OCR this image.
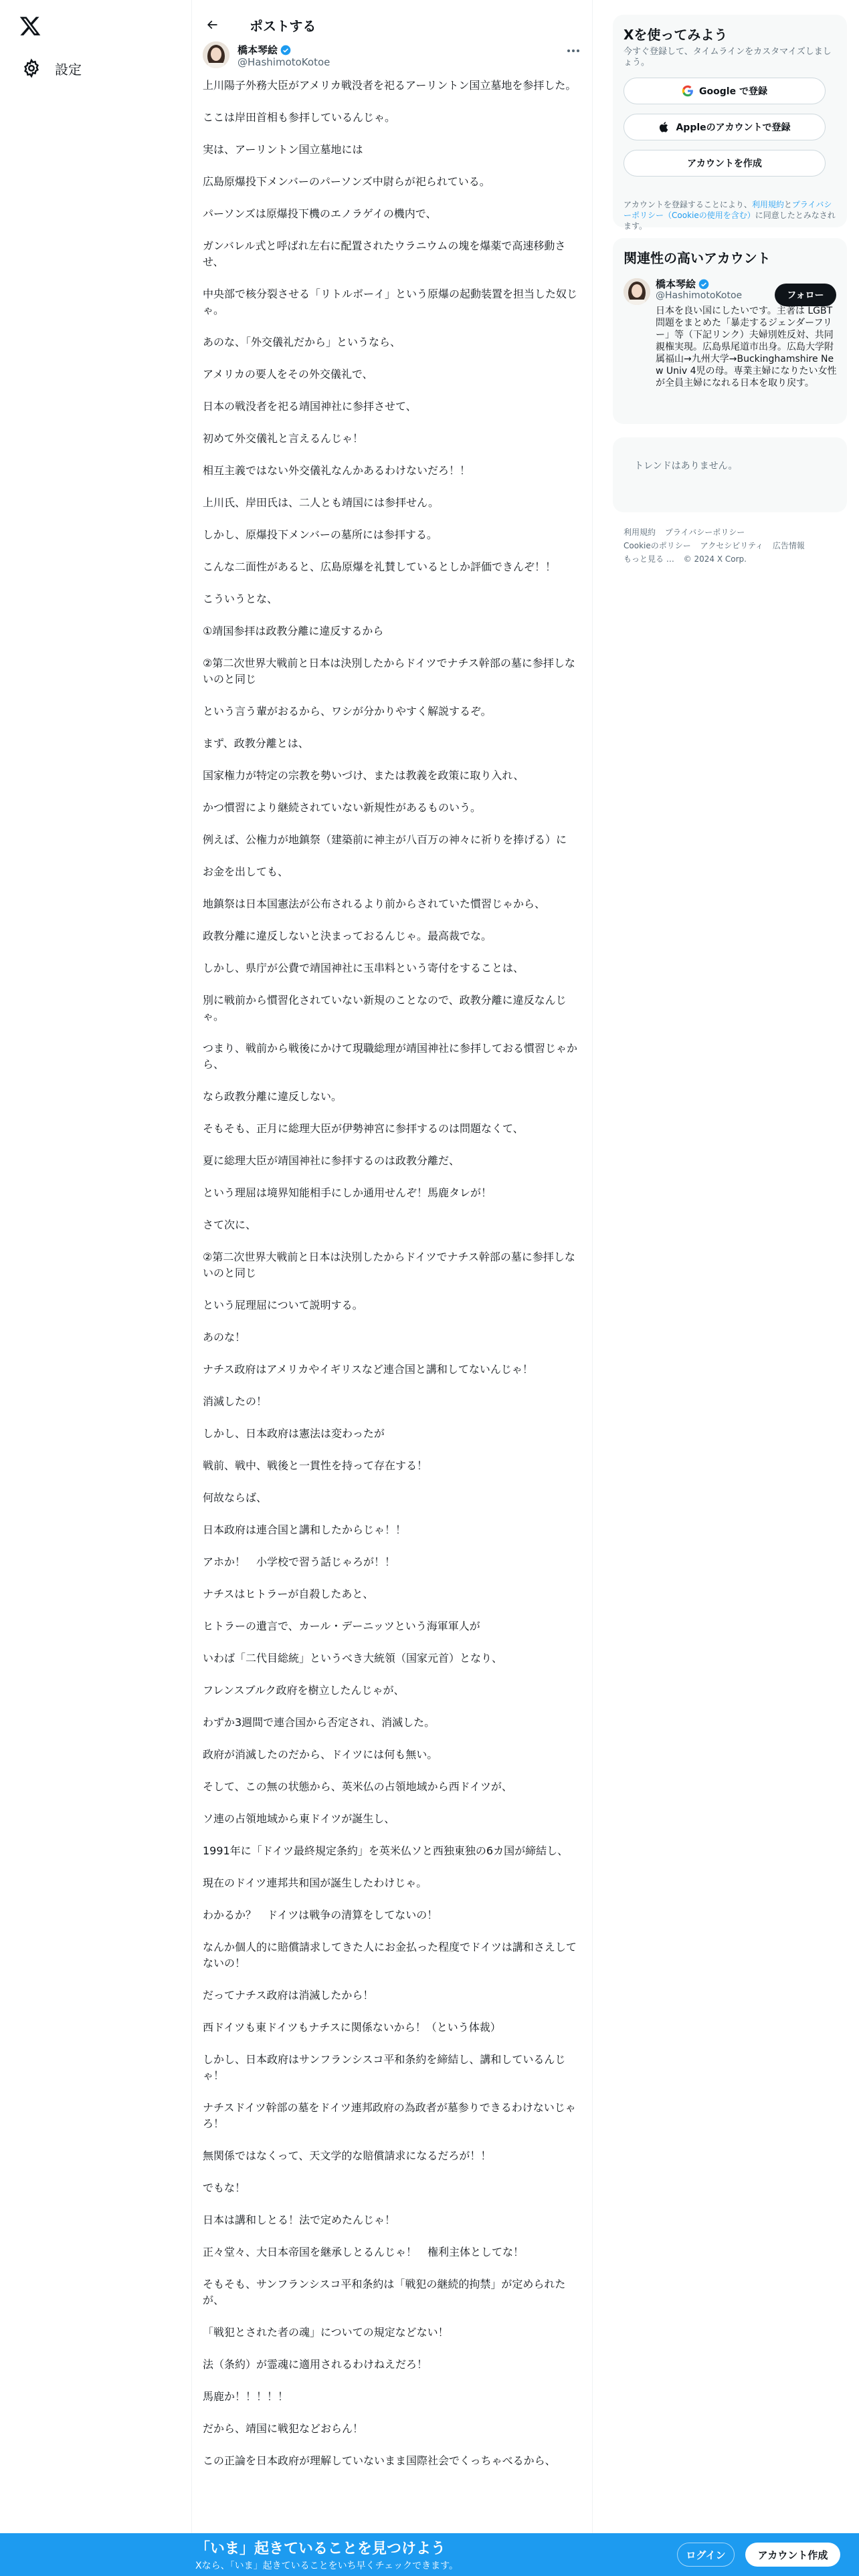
設定
ポストする
橋本琴絵
@HashimotoKotoe
上川陽子外務大臣がアメリカ戦没者を祀るアーリントン国立墓地を参拝した。
ここは岸田首相も参拝しているんじゃ。
実は、アーリントン国立墓地には
広島原爆投下メンバーのパーソンズ中尉らが祀られている。
パーソンズは原爆投下機のエノラゲイの機内で、
ガンバレル式と呼ばれ左右に配置されたウラニウムの塊を爆薬で高速移動させ、
中央部で核分裂させる「リトルボーイ」という原爆の起動装置を担当した奴じゃ。
あのな、「外交儀礼だから」というなら、
アメリカの要人をその外交儀礼で、
日本の戦没者を祀る靖国神社に参拝させて、
初めて外交儀礼と言えるんじゃ！
相互主義ではない外交儀礼なんかあるわけないだろ！！
上川氏、岸田氏は、二人とも靖国には参拝せん。
しかし、原爆投下メンバーの墓所には参拝する。
こんな二面性があると、広島原爆を礼賛しているとしか評価できんぞ！！
こういうとな、
①靖国参拝は政教分離に違反するから
②第二次世界大戦前と日本は決別したからドイツでナチス幹部の墓に参拝しないのと同じ
という言う輩がおるから、ワシが分かりやすく解説するぞ。
まず、政教分離とは、
国家権力が特定の宗教を勢いづけ、または教義を政策に取り入れ、
かつ慣習により継続されていない新規性があるものいう。
例えば、公権力が地鎮祭（建築前に神主が八百万の神々に祈りを捧げる）に
お金を出しても、
地鎮祭は日本国憲法が公布されるより前からされていた慣習じゃから、
政教分離に違反しないと決まっておるんじゃ。最高裁でな。
しかし、県庁が公費で靖国神社に玉串料という寄付をすることは、
別に戦前から慣習化されていない新規のことなので、政教分離に違反なんじゃ。
つまり、戦前から戦後にかけて現職総理が靖国神社に参拝しておる慣習じゃから、
なら政教分離に違反しない。
そもそも、正月に総理大臣が伊勢神宮に参拝するのは問題なくて、
夏に総理大臣が靖国神社に参拝するのは政教分離だ、
という理屈は境界知能相手にしか通用せんぞ！馬鹿タレが！
さて次に、
②第二次世界大戦前と日本は決別したからドイツでナチス幹部の墓に参拝しないのと同じ
という屁理屈について説明する。
あのな！
ナチス政府はアメリカやイギリスなど連合国と講和してないんじゃ！
消滅したの！
しかし、日本政府は憲法は変わったが
戦前、戦中、戦後と一貫性を持って存在する！
何故ならば、
日本政府は連合国と講和したからじゃ！！
アホか！　小学校で習う話じゃろが！！
ナチスはヒトラーが自殺したあと、
ヒトラーの遺言で、カール・デーニッツという海軍軍人が
いわば「二代目総統」というべき大統領（国家元首）となり、
フレンスブルク政府を樹立したんじゃが、
わずか3週間で連合国から否定され、消滅した。
政府が消滅したのだから、ドイツには何も無い。
そして、この無の状態から、英米仏の占領地域から西ドイツが、
ソ連の占領地域から東ドイツが誕生し、
1991年に「ドイツ最終規定条約」を英米仏ソと西独東独の6カ国が締結し、
現在のドイツ連邦共和国が誕生したわけじゃ。
わかるか？　ドイツは戦争の清算をしてないの！
なんか個人的に賠償請求してきた人にお金払った程度でドイツは講和さえしてないの！
だってナチス政府は消滅したから！
西ドイツも東ドイツもナチスに関係ないから！（という体裁）
しかし、日本政府はサンフランシスコ平和条約を締結し、講和しているんじゃ！
ナチスドイツ幹部の墓をドイツ連邦政府の為政者が墓参りできるわけないじゃろ！
無関係ではなくって、天文学的な賠償請求になるだろが！！
でもな！
日本は講和しとる！法で定めたんじゃ！
正々堂々、大日本帝国を継承しとるんじゃ！　権利主体としてな！
そもそも、サンフランシスコ平和条約は「戦犯の継続的拘禁」が定められたが、
「戦犯とされた者の魂」についての規定などない！
法（条約）が霊魂に適用されるわけねえだろ！
馬鹿か！！！！！
だから、靖国に戦犯などおらん！
この正論を日本政府が理解していないまま国際社会でくっちゃべるから、
Xを使ってみよう
今すぐ登録して、タイムラインをカスタマイズしましょう。
Google で登録
Appleのアカウントで登録
アカウントを作成
アカウントを登録することにより、利用規約とプライバシーポリシー（Cookieの使用を含む）に同意したとみなされます。
関連性の高いアカウント
橋本琴絵
@HashimotoKotoe	フォロー
日本を良い国にしたいです。主著は LGBT問題をまとめた「暴走するジェンダーフリー」等（下記リンク）夫婦別姓反対、共同親権実現。広島県尾道市出身。広島大学附属福山→九州大学→Buckinghamshire New Univ 4児の母。専業主婦になりたい女性が全員主婦になれる日本を取り戻す。
トレンドはありません。
利用規約 プライバシーポリシー
Cookieのポリシー アクセシビリティ 広告情報
もっと見る … © 2024 X Corp.
「いま」起きていることを見つけよう
Xなら、「いま」起きていることをいち早くチェックできます。
ログイン	アカウント作成
